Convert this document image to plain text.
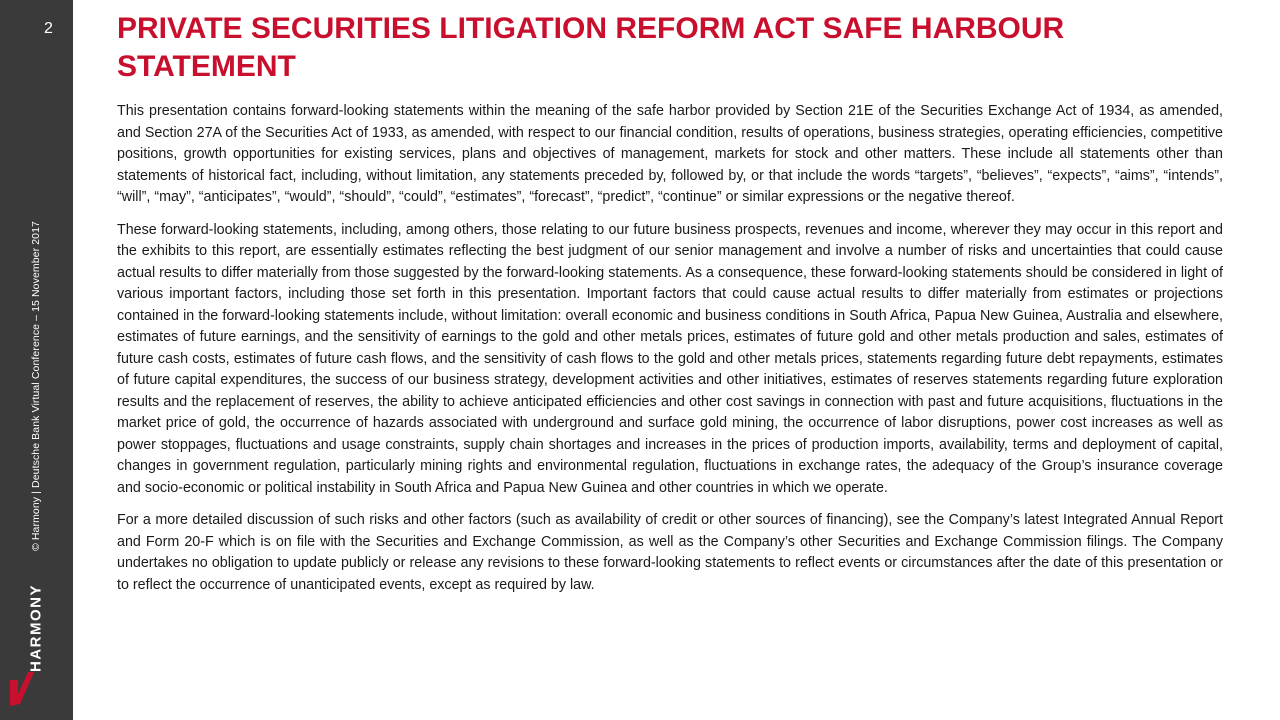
2
© Harmony | Deutsche Bank Virtual Conference – 15 November 2017
HARMONY
PRIVATE SECURITIES LITIGATION REFORM ACT SAFE HARBOUR STATEMENT

This presentation contains forward-looking statements within the meaning of the safe harbor provided by Section 21E of the Securities Exchange Act of 1934, as amended, and Section 27A of the Securities Act of 1933, as amended, with respect to our financial condition, results of operations, business strategies, operating efficiencies, competitive positions, growth opportunities for existing services, plans and objectives of management, markets for stock and other matters. These include all statements other than statements of historical fact, including, without limitation, any statements preceded by, followed by, or that include the words “targets”, “believes”, “expects”, “aims”, “intends”, “will”, “may”, “anticipates”, “would”, “should”, “could”, “estimates”, “forecast”, “predict”, “continue” or similar expressions or the negative thereof.

These forward-looking statements, including, among others, those relating to our future business prospects, revenues and income, wherever they may occur in this report and the exhibits to this report, are essentially estimates reflecting the best judgment of our senior management and involve a number of risks and uncertainties that could cause actual results to differ materially from those suggested by the forward-looking statements. As a consequence, these forward-looking statements should be considered in light of various important factors, including those set forth in this presentation. Important factors that could cause actual results to differ materially from estimates or projections contained in the forward-looking statements include, without limitation: overall economic and business conditions in South Africa, Papua New Guinea, Australia and elsewhere, estimates of future earnings, and the sensitivity of earnings to the gold and other metals prices, estimates of future gold and other metals production and sales, estimates of future cash costs, estimates of future cash flows, and the sensitivity of cash flows to the gold and other metals prices, statements regarding future debt repayments, estimates of future capital expenditures, the success of our business strategy, development activities and other initiatives, estimates of reserves statements regarding future exploration results and the replacement of reserves, the ability to achieve anticipated efficiencies and other cost savings in connection with past and future acquisitions, fluctuations in the market price of gold, the occurrence of hazards associated with underground and surface gold mining, the occurrence of labor disruptions, power cost increases as well as power stoppages, fluctuations and usage constraints, supply chain shortages and increases in the prices of production imports, availability, terms and deployment of capital, changes in government regulation, particularly mining rights and environmental regulation, fluctuations in exchange rates, the adequacy of the Group’s insurance coverage and socio-economic or political instability in South Africa and Papua New Guinea and other countries in which we operate.

For a more detailed discussion of such risks and other factors (such as availability of credit or other sources of financing), see the Company’s latest Integrated Annual Report and Form 20-F which is on file with the Securities and Exchange Commission, as well as the Company’s other Securities and Exchange Commission filings. The Company undertakes no obligation to update publicly or release any revisions to these forward-looking statements to reflect events or circumstances after the date of this presentation or to reflect the occurrence of unanticipated events, except as required by law.
